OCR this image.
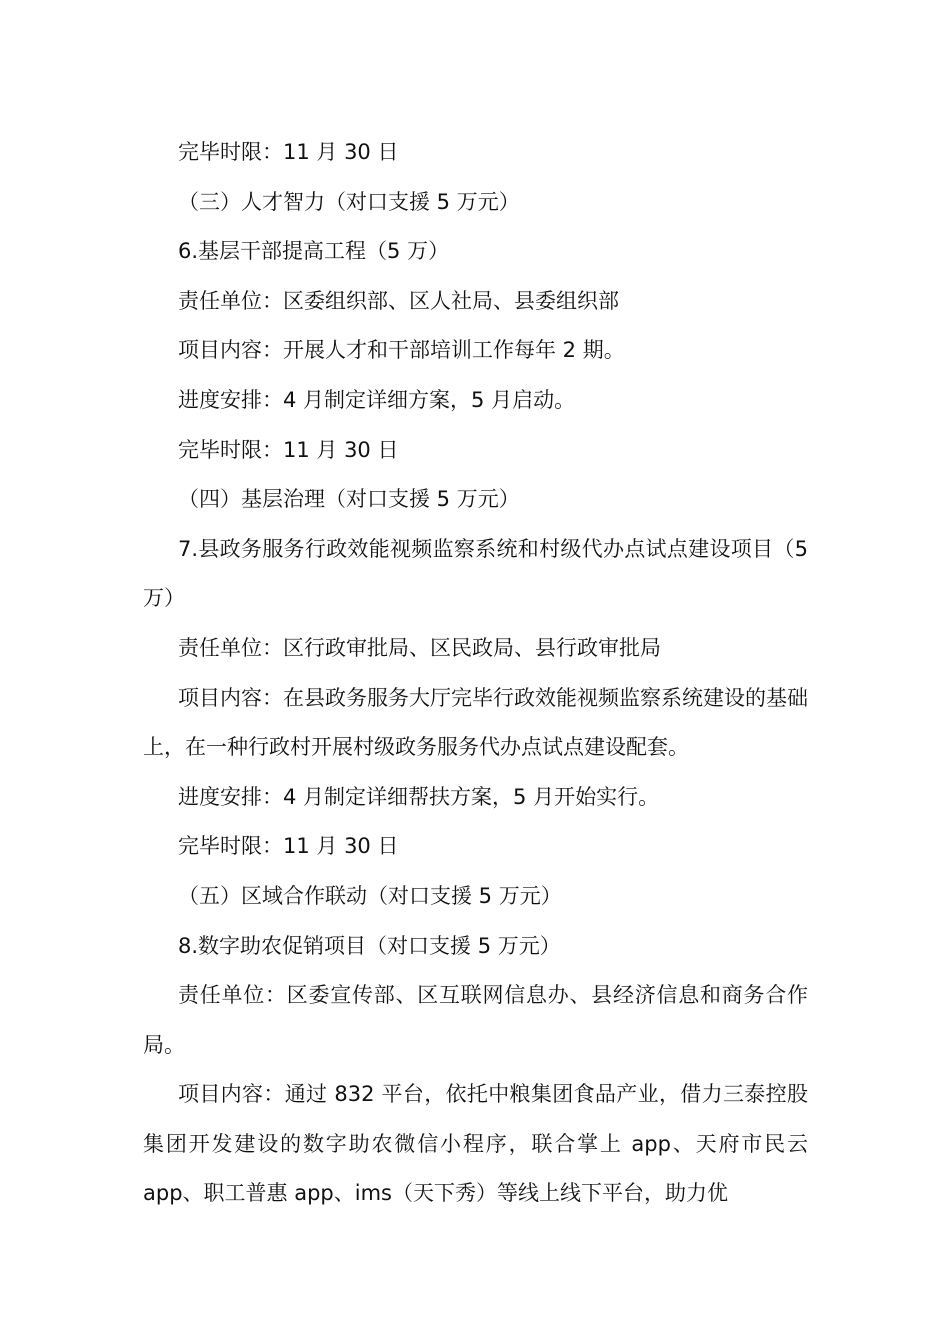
完毕时限：11 月 30 日

（三）人才智力（对口支援 5 万元）

6.基层干部提高工程（5 万）

责任单位：区委组织部、区人社局、县委组织部

项目内容：开展人才和干部培训工作每年 2 期。

进度安排：4 月制定详细方案，5 月启动。

完毕时限：11 月 30 日

（四）基层治理（对口支援 5 万元）

7.县政务服务行政效能视频监察系统和村级代办点试点建设项目（5 万）

责任单位：区行政审批局、区民政局、县行政审批局

项目内容：在县政务服务大厅完毕行政效能视频监察系统建设的基础上，在一种行政村开展村级政务服务代办点试点建设配套。

进度安排：4 月制定详细帮扶方案，5 月开始实行。

完毕时限：11 月 30 日

（五）区域合作联动（对口支援 5 万元）

8.数字助农促销项目（对口支援 5 万元）

责任单位：区委宣传部、区互联网信息办、县经济信息和商务合作局。

项目内容：通过 832 平台，依托中粮集团食品产业，借力三泰控股集团开发建设的数字助农微信小程序，联合掌上 app、天府市民云 app、职工普惠 app、ims（天下秀）等线上线下平台，助力优
